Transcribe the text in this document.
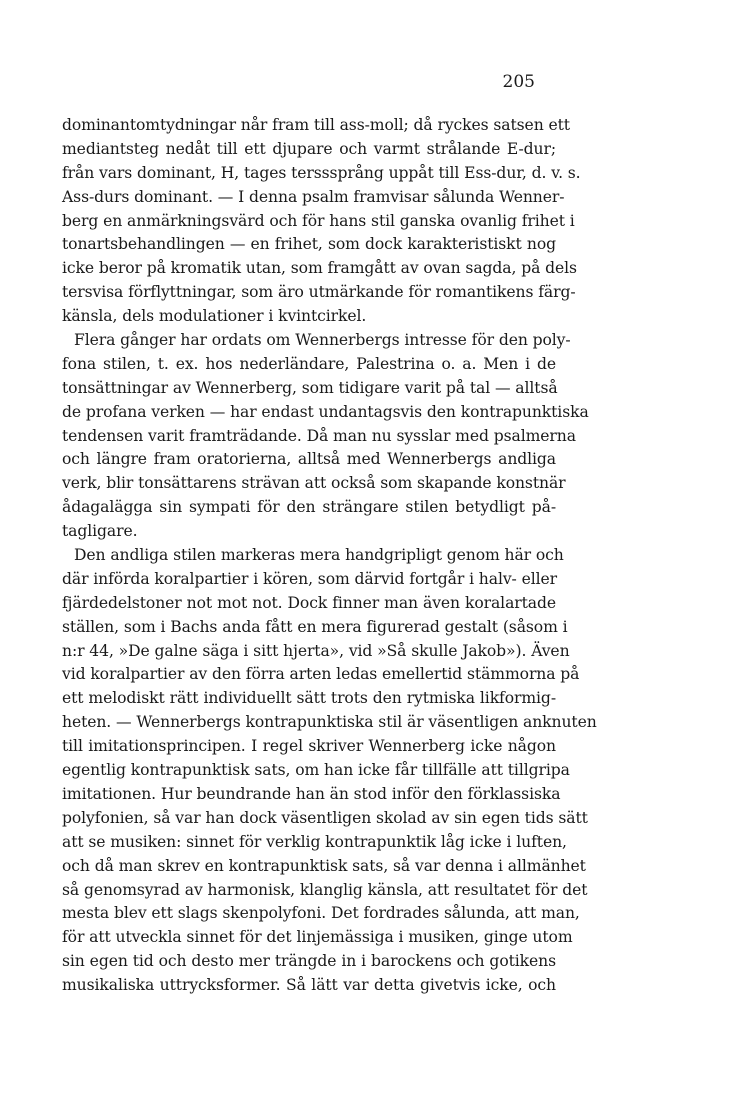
205
dominantomtydningar når fram till ass-moll; då ryckes satsen ett
mediantsteg nedåt till ett djupare och varmt strålande E-dur;
från vars dominant, H, tages tersssprång uppåt till Ess-dur, d. v. s.
Ass-durs dominant. — I denna psalm framvisar sålunda Wenner-
berg en anmärkningsvärd och för hans stil ganska ovanlig frihet i
tonartsbehandlingen — en frihet, som dock karakteristiskt nog
icke beror på kromatik utan, som framgått av ovan sagda, på dels
tersvisa förflyttningar, som äro utmärkande för romantikens färg-
känsla, dels modulationer i kvintcirkel.
Flera gånger har ordats om Wennerbergs intresse för den poly-
fona stilen, t. ex. hos nederländare, Palestrina o. a. Men i de
tonsättningar av Wennerberg, som tidigare varit på tal — alltså
de profana verken — har endast undantagsvis den kontrapunktiska
tendensen varit framträdande. Då man nu sysslar med psalmerna
och längre fram oratorierna, alltså med Wennerbergs andliga
verk, blir tonsättarens strävan att också som skapande konstnär
ådagalägga sin sympati för den strängare stilen betydligt på-
tagligare.
Den andliga stilen markeras mera handgripligt genom här och
där införda koralpartier i kören, som därvid fortgår i halv- eller
fjärdedelstoner not mot not. Dock finner man även koralartade
ställen, som i Bachs anda fått en mera figurerad gestalt (såsom i
n:r 44, »De galne säga i sitt hjerta», vid »Så skulle Jakob»). Även
vid koralpartier av den förra arten ledas emellertid stämmorna på
ett melodiskt rätt individuellt sätt trots den rytmiska likformig-
heten. — Wennerbergs kontrapunktiska stil är väsentligen anknuten
till imitationsprincipen. I regel skriver Wennerberg icke någon
egentlig kontrapunktisk sats, om han icke får tillfälle att tillgripa
imitationen. Hur beundrande han än stod inför den förklassiska
polyfonien, så var han dock väsentligen skolad av sin egen tids sätt
att se musiken: sinnet för verklig kontrapunktik låg icke i luften,
och då man skrev en kontrapunktisk sats, så var denna i allmänhet
så genomsyrad av harmonisk, klanglig känsla, att resultatet för det
mesta blev ett slags skenpolyfoni. Det fordrades sålunda, att man,
för att utveckla sinnet för det linjemässiga i musiken, ginge utom
sin egen tid och desto mer trängde in i barockens och gotikens
musikaliska uttrycksformer. Så lätt var detta givetvis icke, och
